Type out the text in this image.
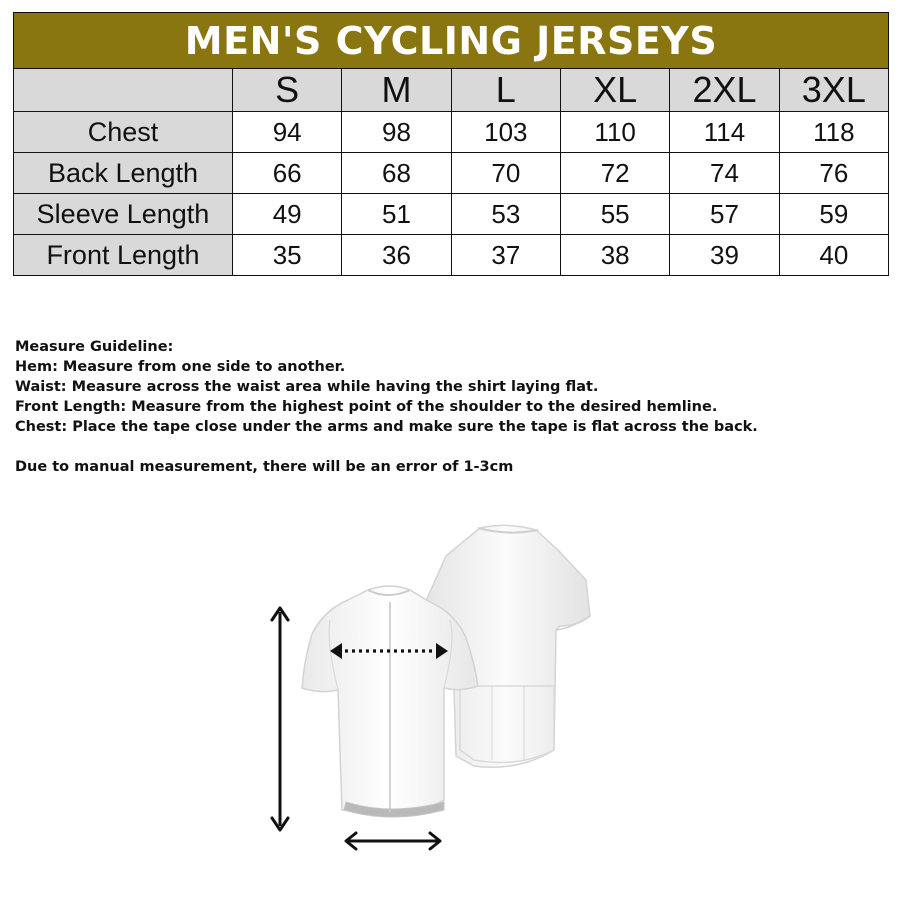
MEN'S CYCLING JERSEYS						
	S	M	L	XL	2XL	3XL
Chest	94	98	103	110	114	118
Back Length	66	68	70	72	74	76
Sleeve Length	49	51	53	55	57	59
Front Length	35	36	37	38	39	40
Measure Guideline:
Hem: Measure from one side to another.
Waist: Measure across the waist area while having the shirt laying flat.
Front Length: Measure from the highest point of the shoulder to the desired hemline.
Chest: Place the tape close under the arms and make sure the tape is flat across the back.
Due to manual measurement, there will be an error of 1-3cm
